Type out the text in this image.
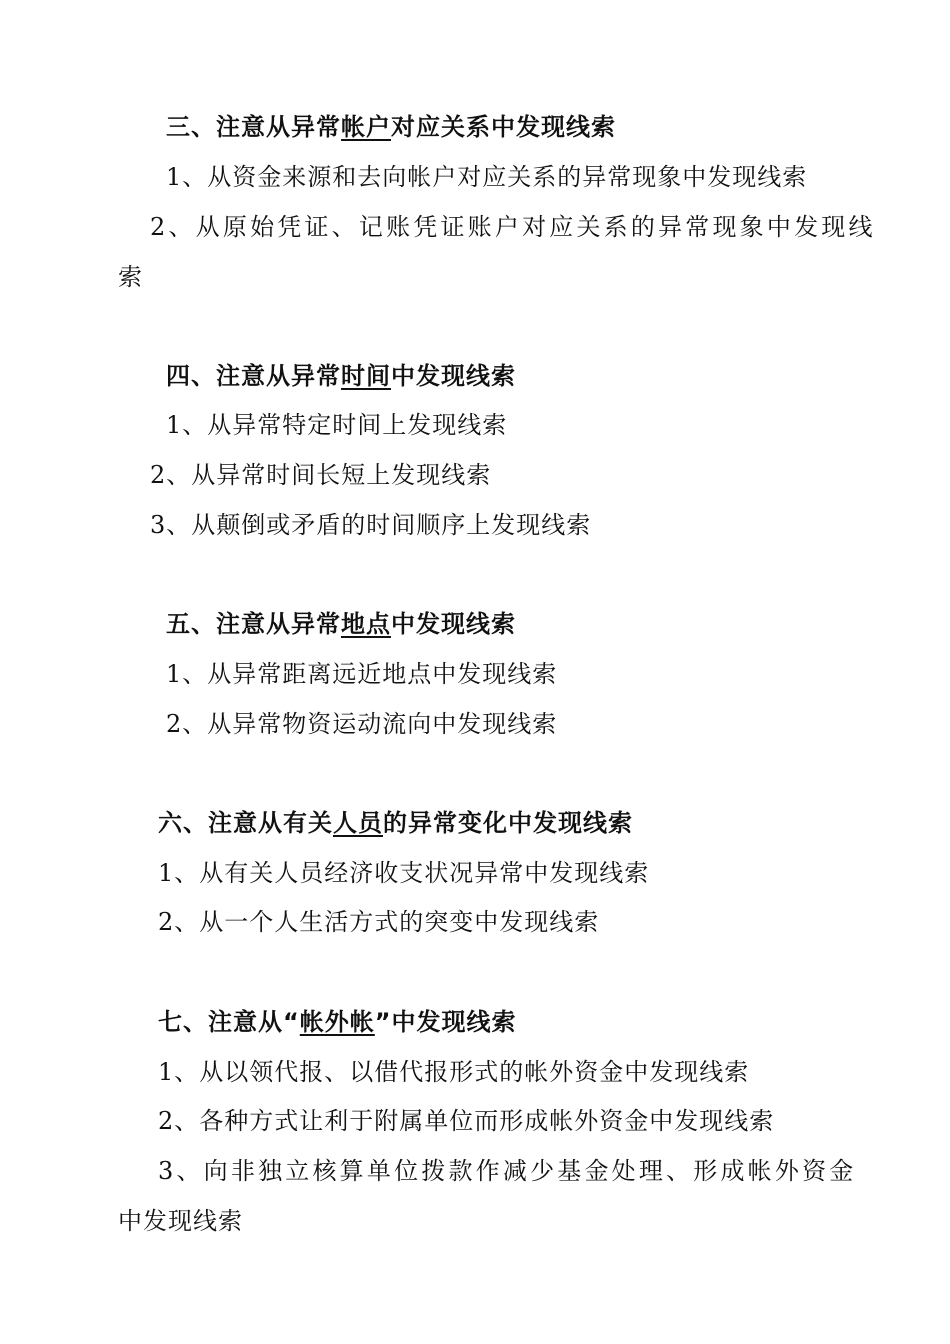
三、注意从异常帐户对应关系中发现线索
1、从资金来源和去向帐户对应关系的异常现象中发现线索
2、从原始凭证、记账凭证账户对应关系的异常现象中发现线
索
四、注意从异常时间中发现线索
1、从异常特定时间上发现线索
2、从异常时间长短上发现线索
3、从颠倒或矛盾的时间顺序上发现线索
五、注意从异常地点中发现线索
1、从异常距离远近地点中发现线索
2、从异常物资运动流向中发现线索
六、注意从有关人员的异常变化中发现线索
1、从有关人员经济收支状况异常中发现线索
2、从一个人生活方式的突变中发现线索
七、注意从“帐外帐”中发现线索
1、从以领代报、以借代报形式的帐外资金中发现线索
2、各种方式让利于附属单位而形成帐外资金中发现线索
3、向非独立核算单位拨款作减少基金处理、形成帐外资金
中发现线索
